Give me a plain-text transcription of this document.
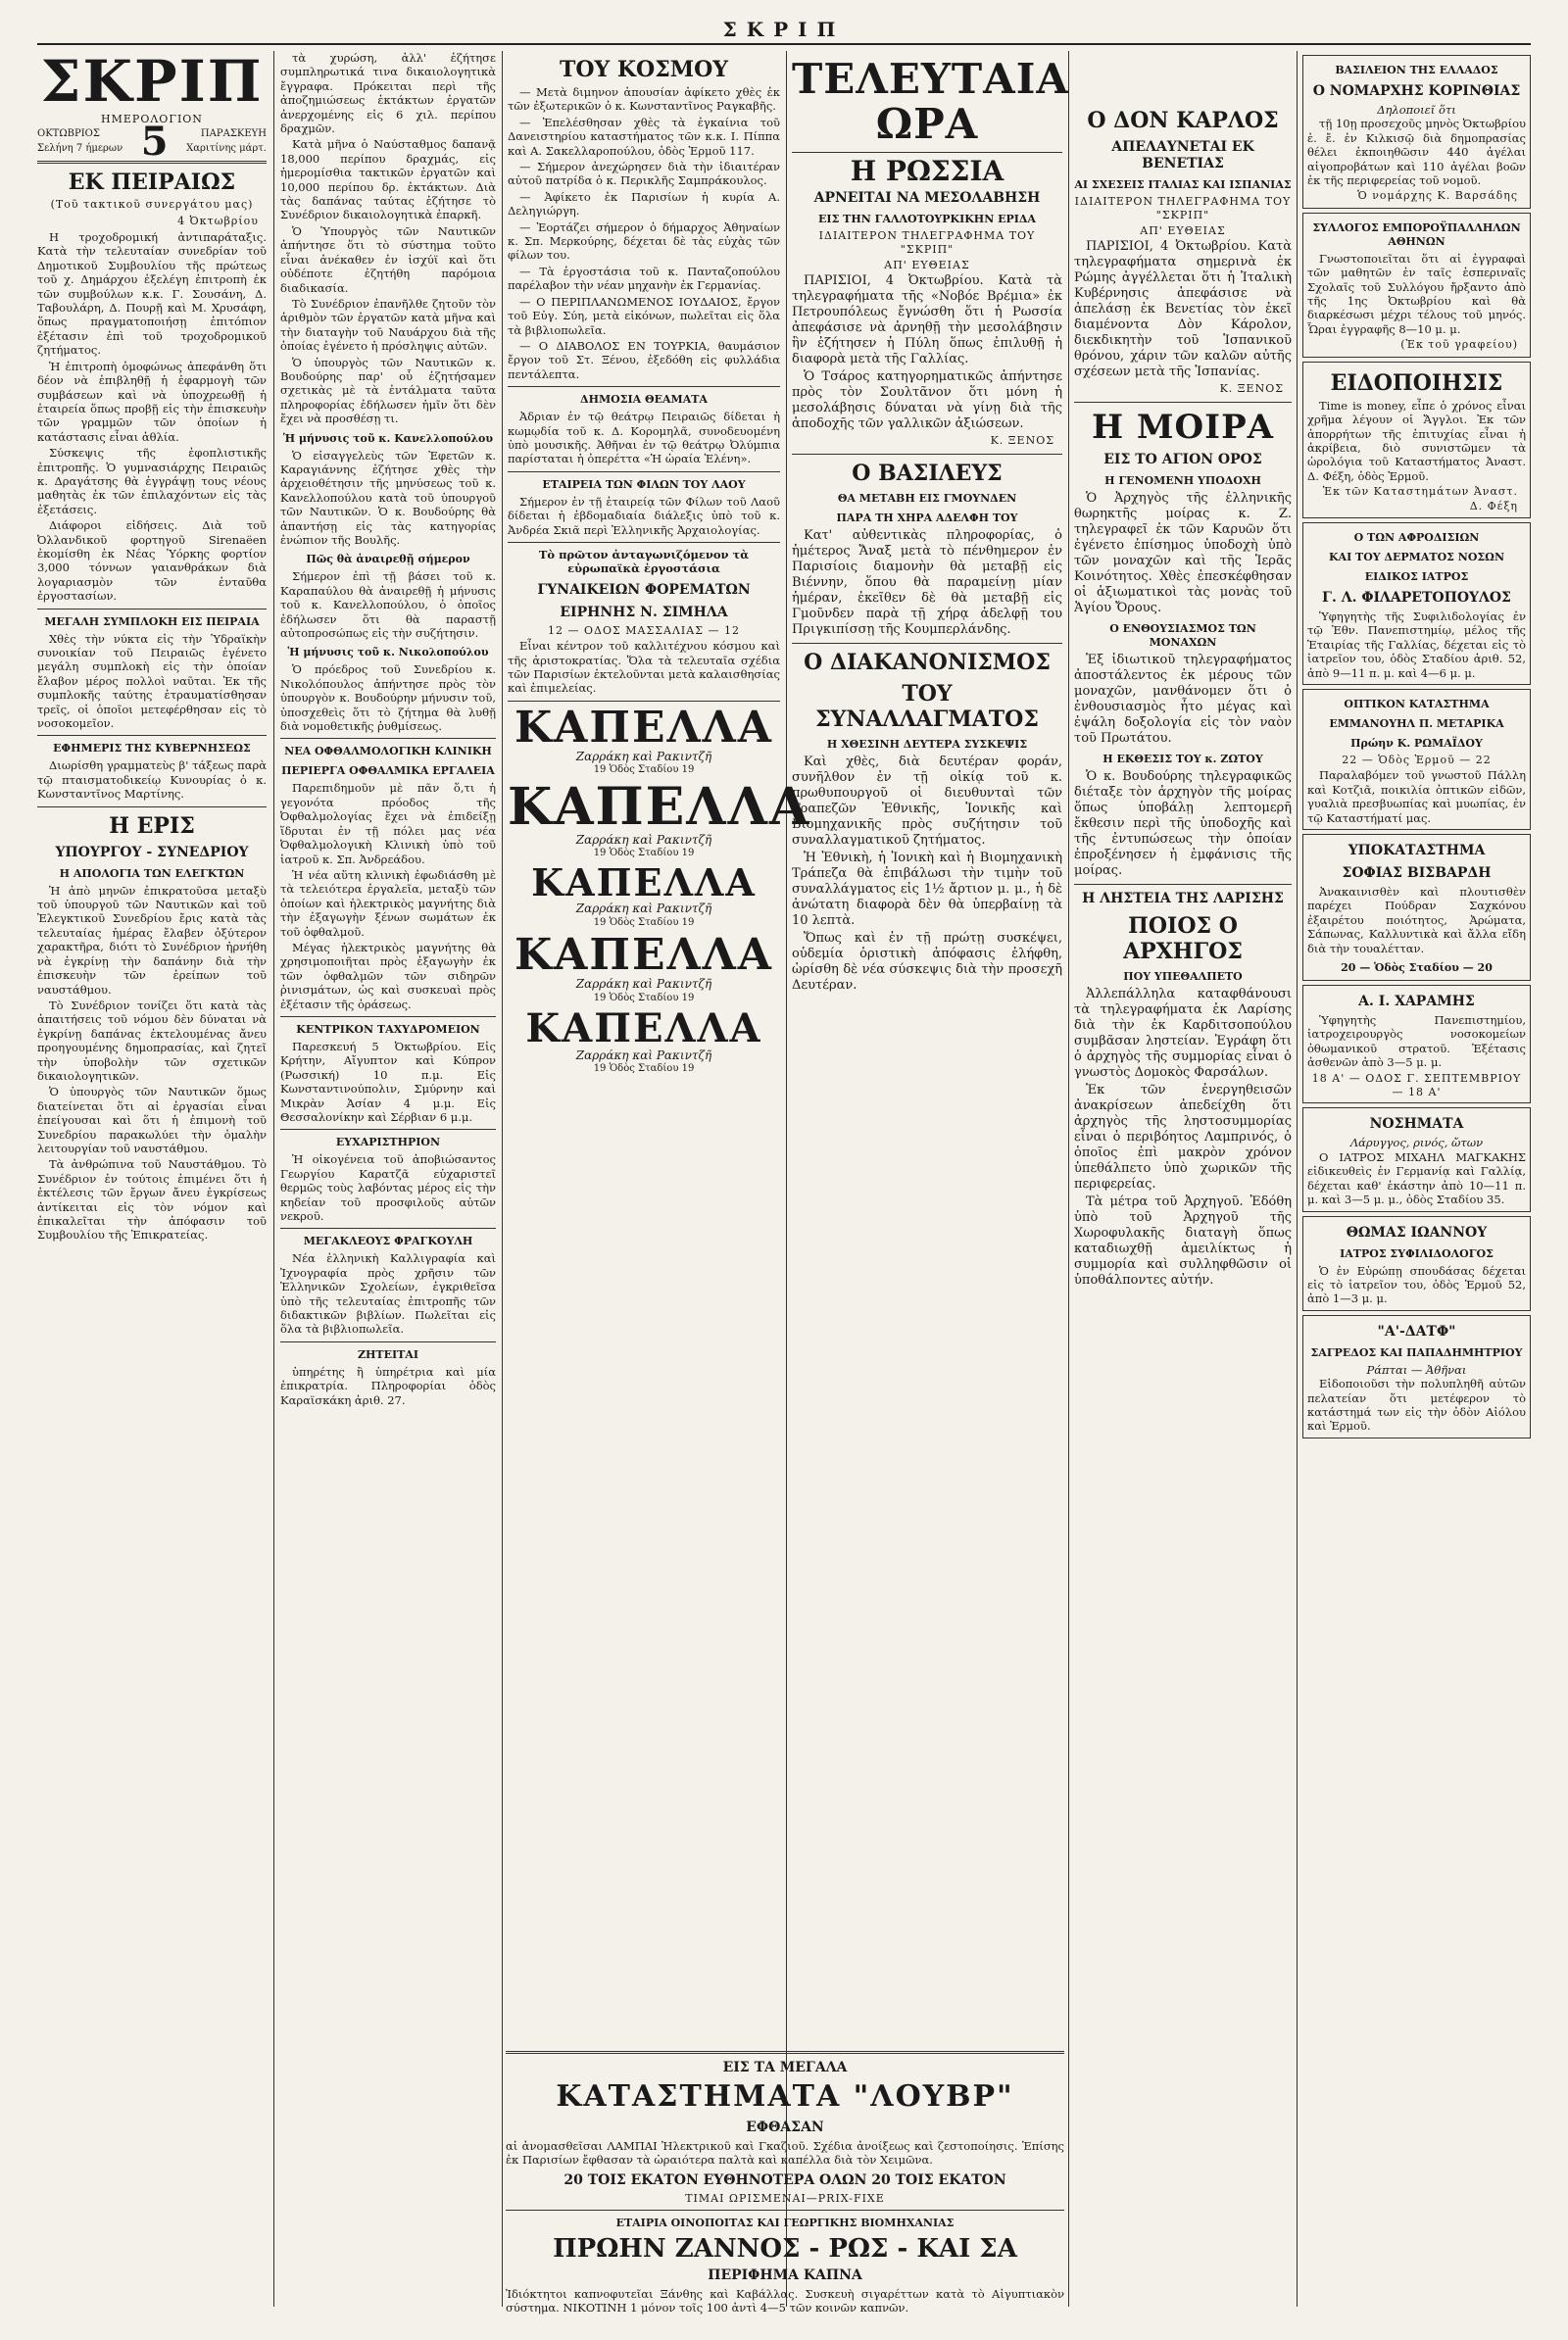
ΣΚΡΙΠ
ΣΚΡΙΠ
ΗΜΕΡΟΛΟΓΙΟΝ
ΟΚΤΩΒΡΙΟΣ
Σελήνη 7 ήμερων 5	ΠΑΡΑΣΚΕΥΗ
Χαριτίνης μάρτ.
ΕΚ ΠΕΙΡΑΙΩΣ
(Τοῦ τακτικοῦ συνεργάτου μας)
4 Ὀκτωβρίου

Η τροχοδρομική ἀντιπαράταξις. Κατὰ τὴν τελευταίαν συνεδρίαν τοῦ Δημοτικοῦ Συμβουλίου τῆς πρώτεως τοῦ χ. Δημάρχου ἐξελέγη ἐπιτροπὴ ἐκ τῶν συμβούλων κ.κ. Γ. Σουσάνη, Δ. Ταβουλάρη, Δ. Πουρῇ καὶ Μ. Χρυσάφη, ὅπως πραγματοποιήσῃ ἐπιτόπιον ἐξέτασιν ἐπὶ τοῦ τροχοδρομικοῦ ζητήματος.

Ἡ ἐπιτροπὴ ὁμοφώνως ἀπεφάνθη ὅτι δέον νὰ ἐπιβληθῇ ἡ ἐφαρμογὴ τῶν συμβάσεων καὶ νὰ ὑποχρεωθῇ ἡ ἑταιρεία ὅπως προβῇ εἰς τὴν ἐπισκευὴν τῶν γραμμῶν τῶν ὁποίων ἡ κατάστασις εἶναι ἀθλία.

Σύσκεψις τῆς ἐφοπλιστικῆς ἐπιτροπῆς. Ὁ γυμνασιάρχης Πειραιῶς κ. Δραγάτσης θὰ ἐγγράψῃ τους νέους μαθητὰς ἐκ τῶν ἐπιλαχόντων εἰς τὰς ἐξετάσεις.

Διάφοροι εἰδήσεις. Διὰ τοῦ Ὀλλανδικοῦ φορτηγοῦ Sirenaëen ἐκομίσθη ἐκ Νέας Ὑόρκης φορτίον 3,000 τόννων γαιανθράκων διὰ λογαριασμὸν τῶν ἐνταῦθα ἐργοστασίων.

ΜΕΓΑΛΗ ΣΥΜΠΛΟΚΗ ΕΙΣ ΠΕΙΡΑΙΑ

Χθὲς τὴν νύκτα εἰς τὴν Ὑδραϊκὴν συνοικίαν τοῦ Πειραιῶς ἐγένετο μεγάλη συμπλοκὴ εἰς τὴν ὁποίαν ἔλαβον μέρος πολλοὶ ναῦται. Ἐκ τῆς συμπλοκῆς ταύτης ἐτραυματίσθησαν τρεῖς, οἱ ὁποῖοι μετεφέρθησαν εἰς τὸ νοσοκομεῖον.

ΕΦΗΜΕΡΙΣ ΤΗΣ ΚΥΒΕΡΝΗΣΕΩΣ

Διωρίσθη γραμματεὺς β' τάξεως παρὰ τῷ πταισματοδικείῳ Κυνουρίας ὁ κ. Κωνσταντῖνος Μαρτίνης.

Η ΕΡΙΣ
ΥΠΟΥΡΓΟΥ - ΣΥΝΕΔΡΙΟΥ
Η ΑΠΟΛΟΓΙΑ ΤΩΝ ΕΛΕΓΚΤΩΝ

Ἡ ἀπὸ μηνῶν ἐπικρατοῦσα μεταξὺ τοῦ ὑπουργοῦ τῶν Ναυτικῶν καὶ τοῦ Ἐλεγκτικοῦ Συνεδρίου ἔρις κατὰ τὰς τελευταίας ἡμέρας ἔλαβεν ὀξύτερον χαρακτῆρα, διότι τὸ Συνέδριον ἠρνήθη νὰ ἐγκρίνῃ τὴν δαπάνην διὰ τὴν ἐπισκευὴν τῶν ἐρείπων τοῦ ναυστάθμου.

Τὸ Συνέδριον τονίζει ὅτι κατὰ τὰς ἀπαιτήσεις τοῦ νόμου δὲν δύναται νὰ ἐγκρίνῃ δαπάνας ἐκτελουμένας ἄνευ προηγουμένης δημοπρασίας, καὶ ζητεῖ τὴν ὑποβολὴν τῶν σχετικῶν δικαιολογητικῶν.

Ὁ ὑπουργὸς τῶν Ναυτικῶν ὅμως διατείνεται ὅτι αἱ ἐργασίαι εἶναι ἐπείγουσαι καὶ ὅτι ἡ ἐπιμονὴ τοῦ Συνεδρίου παρακωλύει τὴν ὁμαλὴν λειτουργίαν τοῦ ναυστάθμου.

Τὰ ἀνθρώπινα τοῦ Ναυστάθμου. Τὸ Συνέδριον ἐν τούτοις ἐπιμένει ὅτι ἡ ἐκτέλεσις τῶν ἔργων ἄνευ ἐγκρίσεως ἀντίκειται εἰς τὸν νόμον καὶ ἐπικαλεῖται τὴν ἀπόφασιν τοῦ Συμβουλίου τῆς Ἐπικρατείας.

τὰ χυρώση, ἀλλ' ἐζήτησε συμπληρωτικά τινα δικαιολογητικὰ ἔγγραφα. Πρόκειται περὶ τῆς ἀποζημιώσεως ἐκτάκτων ἐργατῶν ἀνερχομένης εἰς 6 χιλ. περίπου δραχμῶν.

Κατὰ μῆνα ὁ Ναύσταθμος δαπανᾷ 18,000 περίπου δραχμάς, εἰς ἡμερομίσθια τακτικῶν ἐργατῶν καὶ 10,000 περίπου δρ. ἐκτάκτων. Διὰ τὰς δαπάνας ταύτας ἐζήτησε τὸ Συνέδριον δικαιολογητικὰ ἐπαρκῆ.

Ὁ Ὑπουργὸς τῶν Ναυτικῶν ἀπήντησε ὅτι τὸ σύστημα τοῦτο εἶναι ἀνέκαθεν ἐν ἰσχύϊ καὶ ὅτι οὐδέποτε ἐζητήθη παρόμοια διαδικασία.

Τὸ Συνέδριον ἐπανῆλθε ζητοῦν τὸν ἀριθμὸν τῶν ἐργατῶν κατὰ μῆνα καὶ τὴν διαταγὴν τοῦ Ναυάρχου διὰ τῆς ὁποίας ἐγένετο ἡ πρόσληψις αὐτῶν.

Ὁ ὑπουργὸς τῶν Ναυτικῶν κ. Βουδούρης παρ' οὗ ἐζητήσαμεν σχετικὰς μὲ τὰ ἐντάλματα ταῦτα πληροφορίας ἐδήλωσεν ἡμῖν ὅτι δὲν ἔχει νὰ προσθέσῃ τι.

Ἡ μήνυσις τοῦ κ. Κανελλοπούλου

Ὁ εἰσαγγελεὺς τῶν Ἐφετῶν κ. Καραγιάννης ἐζήτησε χθὲς τὴν ἀρχειοθέτησιν τῆς μηνύσεως τοῦ κ. Κανελλοπούλου κατὰ τοῦ ὑπουργοῦ τῶν Ναυτικῶν. Ὁ κ. Βουδούρης θὰ ἀπαντήσῃ εἰς τὰς κατηγορίας ἐνώπιον τῆς Βουλῆς.

Πῶς θὰ ἀναιρεθῇ σήμερον

Σήμερον ἐπὶ τῇ βάσει τοῦ κ. Καραπαύλου θὰ ἀναιρεθῇ ἡ μήνυσις τοῦ κ. Κανελλοπούλου, ὁ ὁποῖος ἐδήλωσεν ὅτι θὰ παραστῇ αὐτοπροσώπως εἰς τὴν συζήτησιν.

Ἡ μήνυσις τοῦ κ. Νικολοπούλου

Ὁ πρόεδρος τοῦ Συνεδρίου κ. Νικολόπουλος ἀπήντησε πρὸς τὸν ὑπουργὸν κ. Βουδούρην μήνυσιν τοῦ, ὑποσχεθεὶς ὅτι τὸ ζήτημα θὰ λυθῇ διὰ νομοθετικῆς ῥυθμίσεως.

ΝΕΑ ΟΦΘΑΛΜΟΛΟΓΙΚΗ ΚΛΙΝΙΚΗ
ΠΕΡΙΕΡΓΑ ΟΦΘΑΛΜΙΚΑ ΕΡΓΑΛΕΙΑ

Παρεπιδημοῦν μὲ πᾶν ὅ,τι ἡ γεγονότα πρόοδος τῆς Ὀφθαλμολογίας ἔχει νὰ ἐπιδείξῃ ἵδρυται ἐν τῇ πόλει μας νέα Ὀφθαλμολογικὴ Κλινικὴ ὑπὸ τοῦ ἰατροῦ κ. Σπ. Ἀνδρεάδου.

Ἡ νέα αὕτη κλινικὴ ἐφωδιάσθη μὲ τὰ τελειότερα ἐργαλεῖα, μεταξὺ τῶν ὁποίων καὶ ἠλεκτρικὸς μαγνήτης διὰ τὴν ἐξαγωγὴν ξένων σωμάτων ἐκ τοῦ ὀφθαλμοῦ.

Μέγας ἠλεκτρικὸς μαγνήτης θὰ χρησιμοποιῆται πρὸς ἐξαγωγὴν ἐκ τῶν ὀφθαλμῶν τῶν σιδηρῶν ῥινισμάτων, ὡς καὶ συσκευαὶ πρὸς ἐξέτασιν τῆς ὁράσεως.

ΚΕΝΤΡΙΚΟΝ ΤΑΧΥΔΡΟΜΕΙΟΝ

Παρεσκευή 5 Ὀκτωβρίου. Εἰς Κρήτην, Αἴγυπτον καὶ Κύπρον (Ρωσσική) 10 π.μ. Εἰς Κωνσταντινούπολιν, Σμύρνην καὶ Μικρὰν Ἀσίαν 4 μ.μ. Εἰς Θεσσαλονίκην καὶ Σέρβιαν 6 μ.μ.

ΕΥΧΑΡΙΣΤΗΡΙΟΝ

Ἡ οἰκογένεια τοῦ ἀποβιώσαντος Γεωργίου Καρατζᾶ εὐχαριστεῖ θερμῶς τοὺς λαβόντας μέρος εἰς τὴν κηδείαν τοῦ προσφιλοῦς αὐτῶν νεκροῦ.

ΜΕΓΑΚΛΕΟΥΣ ΦΡΑΓΚΟΥΛΗ

Νέα ἑλληνικὴ Καλλιγραφία καὶ Ἰχνογραφία πρὸς χρῆσιν τῶν Ἑλληνικῶν Σχολείων, ἐγκριθεῖσα ὑπὸ τῆς τελευταίας ἐπιτροπῆς τῶν διδακτικῶν βιβλίων. Πωλεῖται εἰς ὅλα τὰ βιβλιοπωλεῖα.

ΖΗΤΕΙΤΑΙ

ὑπηρέτης ἢ ὑπηρέτρια καὶ μία ἐπικρατρία. Πληροφορίαι ὁδὸς Καραϊσκάκη ἀριθ. 27.

ΤΟΥ ΚΟΣΜΟΥ

— Μετὰ διμηνον ἀπουσίαν ἀφίκετο χθὲς ἐκ τῶν ἐξωτερικῶν ὁ κ. Κωνσταντῖνος Ραγκαβῆς.

— Ἐπελέσθησαν χθὲς τὰ ἐγκαίνια τοῦ Δανειστηρίου καταστήματος τῶν κ.κ. Ι. Πίππα καὶ Α. Σακελλαροπούλου, ὁδὸς Ἑρμοῦ 117.

— Σήμερον ἀνεχώρησεν διὰ τὴν ἰδιαιτέραν αὐτοῦ πατρίδα ὁ κ. Περικλῆς Σαμπράκουλος.

— Ἀφίκετο ἐκ Παρισίων ἡ κυρία Α. Δεληγιώργη.

— Ἐορτάζει σήμερον ὁ δήμαρχος Ἀθηναίων κ. Σπ. Μερκούρης, δέχεται δὲ τὰς εὐχὰς τῶν φίλων του.

— Τὰ ἐργοστάσια τοῦ κ. Πανταζοπούλου παρέλαβον τὴν νέαν μηχανὴν ἐκ Γερμανίας.

— Ο ΠΕΡΙΠΛΑΝΩΜΕΝΟΣ ΙΟΥΔΑΙΟΣ, ἔργον τοῦ Εὐγ. Σύη, μετὰ εἰκόνων, πωλεῖται εἰς ὅλα τὰ βιβλιοπωλεῖα.

— Ο ΔΙΑΒΟΛΟΣ ΕΝ ΤΟΥΡΚΙΑ, θαυμάσιον ἔργον τοῦ Στ. Ξένου, ἐξεδόθη εἰς φυλλάδια πεντάλεπτα.

ΔΗΜΟΣΙΑ ΘΕΑΜΑΤΑ

Ἀδριαν ἐν τῷ θεάτρῳ Πειραιῶς δίδεται ἡ κωμῳδία τοῦ κ. Δ. Κορομηλᾶ, συνοδευομένη ὑπὸ μουσικῆς. Ἀθῆναι ἐν τῷ θεάτρῳ Ὀλύμπια παρίσταται ἡ ὀπερέττα «Ἡ ὡραία Ἑλένη».

ΕΤΑΙΡΕΙΑ ΤΩΝ ΦΙΛΩΝ ΤΟΥ ΛΑΟΥ

Σήμερον ἐν τῇ ἑταιρείᾳ τῶν Φίλων τοῦ Λαοῦ δίδεται ἡ ἑβδομαδιαία διάλεξις ὑπὸ τοῦ κ. Ἀνδρέα Σκιᾶ περὶ Ἑλληνικῆς Ἀρχαιολογίας.

Τὸ πρῶτον ἀνταγωνιζόμενον τὰ εὐρωπαϊκὰ ἐργοστάσια
ΓΥΝΑΙΚΕΙΩΝ ΦΟΡΕΜΑΤΩΝ
ΕΙΡΗΝΗΣ Ν. ΣΙΜΗΛΑ
12 — ΟΔΟΣ ΜΑΣΣΑΛΙΑΣ — 12

Εἶναι κέντρον τοῦ καλλιτέχνου κόσμου καὶ τῆς ἀριστοκρατίας. Ὅλα τὰ τελευταῖα σχέδια τῶν Παρισίων ἐκτελοῦνται μετὰ καλαισθησίας καὶ ἐπιμελείας.

ΚΑΠΕΛΛΑ
Ζαρράκη καὶ Ρακιντζῆ
19 Ὁδὸς Σταδίου 19
ΚΑΠΕΛΛΑ
Ζαρράκη καὶ Ρακιντζῆ
19 Ὁδὸς Σταδίου 19
ΚΑΠΕΛΛΑ
Ζαρράκη καὶ Ρακιντζῆ
19 Ὁδὸς Σταδίου 19
ΚΑΠΕΛΛΑ
Ζαρράκη καὶ Ρακιντζῆ
19 Ὁδὸς Σταδίου 19
ΚΑΠΕΛΛΑ
Ζαρράκη καὶ Ρακιντζῆ
19 Ὁδὸς Σταδίου 19
ΤΕΛΕΥΤΑΙΑ ΩΡΑ
Η ΡΩΣΣΙΑ
ΑΡΝΕΙΤΑΙ ΝΑ ΜΕΣΟΛΑΒΗΣΗ
ΕΙΣ ΤΗΝ ΓΑΛΛΟΤΟΥΡΚΙΚΗΝ ΕΡΙΔΑ
ΙΔΙΑΙΤΕΡΟΝ ΤΗΛΕΓΡΑΦΗΜΑ ΤΟΥ "ΣΚΡΙΠ"
ΑΠ' ΕΥΘΕΙΑΣ

ΠΑΡΙΣΙΟΙ, 4 Ὀκτωβρίου. Κατὰ τὰ τηλεγραφήματα τῆς «Νοβόε Βρέμια» ἐκ Πετρουπόλεως ἔγνώσθη ὅτι ἡ Ρωσσία ἀπεφάσισε νὰ ἀρνηθῇ τὴν μεσολάβησιν ἣν ἐζήτησεν ἡ Πύλη ὅπως ἐπιλυθῇ ἡ διαφορὰ μετὰ τῆς Γαλλίας.

Ὁ Τσάρος κατηγορηματικῶς ἀπήντησε πρὸς τὸν Σουλτᾶνον ὅτι μόνη ἡ μεσολάβησις δύναται νὰ γίνῃ διὰ τῆς ἀποδοχῆς τῶν γαλλικῶν ἀξιώσεων.

Κ. ΞΕΝΟΣ
Ο ΒΑΣΙΛΕΥΣ
ΘΑ ΜΕΤΑΒΗ ΕΙΣ ΓΜΟΥΝΔΕΝ
ΠΑΡΑ ΤΗ ΧΗΡΑ ΑΔΕΛΦΗ ΤΟΥ

Κατ' αὐθεντικὰς πληροφορίας, ὁ ἡμέτερος Ἄναξ μετὰ τὸ πένθημερον ἐν Παρισίοις διαμονὴν θὰ μεταβῇ εἰς Βιέννην, ὅπου θὰ παραμείνῃ μίαν ἡμέραν, ἐκεῖθεν δὲ θὰ μεταβῇ εἰς Γμοῦνδεν παρὰ τῇ χήρᾳ ἀδελφῇ του Πριγκιπίσσῃ τῆς Κουμπερλάνδης.

Ο ΔΙΑΚΑΝΟΝΙΣΜΟΣ
ΤΟΥ ΣΥΝΑΛΛΑΓΜΑΤΟΣ
Η ΧΘΕΣΙΝΗ ΔΕΥΤΕΡΑ ΣΥΣΚΕΨΙΣ

Καὶ χθὲς, διὰ δευτέραν φοράν, συνῆλθον ἐν τῇ οἰκίᾳ τοῦ κ. πρωθυπουργοῦ οἱ διευθυνταὶ τῶν Τραπεζῶν Ἐθνικῆς, Ἰονικῆς καὶ Βιομηχανικῆς πρὸς συζήτησιν τοῦ συναλλαγματικοῦ ζητήματος.

Ἡ Ἐθνικὴ, ἡ Ἰονικὴ καὶ ἡ Βιομηχανικὴ Τράπεζα θὰ ἐπιβάλωσι τὴν τιμὴν τοῦ συναλλάγματος εἰς 1½ ἄρτιον μ. μ., ἡ δὲ ἀνώτατη διαφορὰ δὲν θὰ ὑπερβαίνῃ τὰ 10 λεπτὰ.

Ὅπως καὶ ἐν τῇ πρώτῃ συσκέψει, οὐδεμία ὁριστικὴ ἀπόφασις ἐλήφθη, ὡρίσθη δὲ νέα σύσκεψις διὰ τὴν προσεχῆ Δευτέραν.

Ο ΔΟΝ ΚΑΡΛΟΣ
ΑΠΕΛΑΥΝΕΤΑΙ ΕΚ ΒΕΝΕΤΙΑΣ
ΑΙ ΣΧΕΣΕΙΣ ΙΤΑΛΙΑΣ ΚΑΙ ΙΣΠΑΝΙΑΣ
ΙΔΙΑΙΤΕΡΟΝ ΤΗΛΕΓΡΑΦΗΜΑ ΤΟΥ "ΣΚΡΙΠ"
ΑΠ' ΕΥΘΕΙΑΣ

ΠΑΡΙΣΙΟΙ, 4 Ὀκτωβρίου. Κατὰ τηλεγραφήματα σημερινὰ ἐκ Ρώμης ἀγγέλλεται ὅτι ἡ Ἰταλικὴ Κυβέρνησις ἀπεφάσισε νὰ ἀπελάσῃ ἐκ Βενετίας τὸν ἐκεῖ διαμένοντα Δὸν Κάρολον, διεκδικητὴν τοῦ Ἰσπανικοῦ θρόνου, χάριν τῶν καλῶν αὐτῆς σχέσεων μετὰ τῆς Ἰσπανίας.

Κ. ΞΕΝΟΣ
Η ΜΟΙΡΑ
ΕΙΣ ΤΟ ΑΓΙΟΝ ΟΡΟΣ
Η ΓΕΝΟΜΕΝΗ ΥΠΟΔΟΧΗ

Ὁ Ἀρχηγὸς τῆς ἑλληνικῆς θωρηκτῆς μοίρας κ. Ζ. τηλεγραφεῖ ἐκ τῶν Καρυῶν ὅτι ἐγένετο ἐπίσημος ὑποδοχὴ ὑπὸ τῶν μοναχῶν καὶ τῆς Ἱερᾶς Κοινότητος. Χθὲς ἐπεσκέφθησαν οἱ ἀξιωματικοὶ τὰς μονὰς τοῦ Ἁγίου Ὄρους.

Ο ΕΝΘΟΥΣΙΑΣΜΟΣ ΤΩΝ ΜΟΝΑΧΩΝ

Ἐξ ἰδιωτικοῦ τηλεγραφήματος ἀποστάλεντος ἐκ μέρους τῶν μοναχῶν, μανθάνομεν ὅτι ὁ ἐνθουσιασμὸς ἦτο μέγας καὶ ἐψάλη δοξολογία εἰς τὸν ναὸν τοῦ Πρωτάτου.

Η ΕΚΘΕΣΙΣ ΤΟΥ κ. ΖΩΤΟΥ

Ὁ κ. Βουδούρης τηλεγραφικῶς διέταξε τὸν ἀρχηγὸν τῆς μοίρας ὅπως ὑποβάλῃ λεπτομερῆ ἔκθεσιν περὶ τῆς ὑποδοχῆς καὶ τῆς ἐντυπώσεως τὴν ὁποίαν ἐπροξένησεν ἡ ἐμφάνισις τῆς μοίρας.

Η ΛΗΣΤΕΙΑ ΤΗΣ ΛΑΡΙΣΗΣ
ΠΟΙΟΣ Ο ΑΡΧΗΓΟΣ
ΠΟΥ ΥΠΕΘΑΛΠΕΤΟ

Ἀλλεπάλληλα καταφθάνουσι τὰ τηλεγραφήματα ἐκ Λαρίσης διὰ τὴν ἐκ Καρδιτσοπούλου συμβᾶσαν ληστείαν. Ἐγράφη ὅτι ὁ ἀρχηγὸς τῆς συμμορίας εἶναι ὁ γνωστὸς Δομοκὸς Φαρσάλων.

Ἐκ τῶν ἐνεργηθεισῶν ἀνακρίσεων ἀπεδείχθη ὅτι ἀρχηγὸς τῆς ληστοσυμμορίας εἶναι ὁ περιβόητος Λαμπρινός, ὁ ὁποῖος ἐπὶ μακρὸν χρόνον ὑπεθάλπετο ὑπὸ χωρικῶν τῆς περιφερείας.

Τὰ μέτρα τοῦ Ἀρχηγοῦ. Ἐδόθη ὑπὸ τοῦ Ἀρχηγοῦ τῆς Χωροφυλακῆς διαταγὴ ὅπως καταδιωχθῇ ἀμειλίκτως ἡ συμμορία καὶ συλληφθῶσιν οἱ ὑποθάλποντες αὐτήν.

ΒΑΣΙΛΕΙΟΝ ΤΗΣ ΕΛΛΑΔΟΣ
Ο ΝΟΜΑΡΧΗΣ ΚΟΡΙΝΘΙΑΣ
Δηλοποιεῖ ὅτι

τῇ 10ῃ προσεχοῦς μηνὸς Ὀκτωβρίου ἐ. ἔ. ἐν Κιλκισῷ διὰ δημοπρασίας θέλει ἐκποιηθῶσιν 440 ἀγέλαι αἰγοπροβάτων καὶ 110 ἀγέλαι βοῶν ἐκ τῆς περιφερείας τοῦ νομοῦ.

Ὁ νομάρχης Κ. Βαρσάδης
ΣΥΛΛΟΓΟΣ ΕΜΠΟΡΟΫΠΑΛΛΗΛΩΝ ΑΘΗΝΩΝ

Γνωστοποιεῖται ὅτι αἱ ἐγγραφαὶ τῶν μαθητῶν ἐν ταῖς ἑσπεριναῖς Σχολαῖς τοῦ Συλλόγου ἤρξαντο ἀπὸ τῆς 1ης Ὀκτωβρίου καὶ θὰ διαρκέσωσι μέχρι τέλους τοῦ μηνός. Ὧραι ἐγγραφῆς 8—10 μ. μ.

(Ἐκ τοῦ γραφείου)
ΕΙΔΟΠΟΙΗΣΙΣ

Time is money, εἶπε ὁ χρόνος εἶναι χρῆμα λέγουν οἱ Ἄγγλοι. Ἐκ τῶν ἀπορρήτων τῆς ἐπιτυχίας εἶναι ἡ ἀκρίβεια, διὸ συνιστῶμεν τὰ ὡρολόγια τοῦ Καταστήματος Ἀναστ. Δ. Φέξη, ὁδὸς Ἑρμοῦ.

Ἐκ τῶν Καταστημάτων Ἀναστ. Δ. Φέξη
Ο ΤΩΝ ΑΦΡΟΔΙΣΙΩΝ
ΚΑΙ ΤΟΥ ΔΕΡΜΑΤΟΣ ΝΟΣΩΝ
ΕΙΔΙΚΟΣ ΙΑΤΡΟΣ
Γ. Λ. ΦΙΛΑΡΕΤΟΠΟΥΛΟΣ

Ὑφηγητὴς τῆς Συφιλιδολογίας ἐν τῷ Ἐθν. Πανεπιστημίῳ, μέλος τῆς Ἑταιρίας τῆς Γαλλίας, δέχεται εἰς τὸ ἰατρεῖον του, ὁδὸς Σταδίου ἀριθ. 52, ἀπὸ 9—11 π. μ. καὶ 4—6 μ. μ.

ΟΠΤΙΚΟΝ ΚΑΤΑΣΤΗΜΑ
ΕΜΜΑΝΟΥΗΛ Π. ΜΕΤΑΡΙΚΑ
Πρώην Κ. ΡΩΜΑΪΔΟΥ
22 — Ὁδὸς Ἑρμοῦ — 22

Παραλαβόμεν τοῦ γνωστοῦ Πάλλη καὶ Κοτζιᾶ, ποικιλία ὀπτικῶν εἰδῶν, γυαλιὰ πρεσβυωπίας καὶ μυωπίας, ἐν τῷ Καταστήματί μας.

ΥΠΟΚΑΤΑΣΤΗΜΑ
ΣΟΦΙΑΣ ΒΙΣΒΑΡΔΗ

Ἀνακαινισθὲν καὶ πλουτισθὲν παρέχει Πούδραν Σαχκόνου ἐξαιρέτου ποιότητος, Ἀρώματα, Σάπωνας, Καλλυντικὰ καὶ ἄλλα εἴδη διὰ τὴν τουαλέτταν.

20 — Ὁδὸς Σταδίου — 20
Α. Ι. ΧΑΡΑΜΗΣ

Ὑφηγητὴς Πανεπιστημίου, ἰατροχειρουργὸς νοσοκομείων ὀθωμανικοῦ στρατοῦ. Ἐξέτασις ἀσθενῶν ἀπὸ 3—5 μ. μ.

18 Α' — ΟΔΟΣ Γ. ΣΕΠΤΕΜΒΡΙΟΥ — 18 Α'
ΝΟΣΗΜΑΤΑ
Λάρυγγος, ρινός, ὤτων

Ο ΙΑΤΡΟΣ ΜΙΧΑΗΛ ΜΑΓΚΑΚΗΣ εἰδικευθεὶς ἐν Γερμανίᾳ καὶ Γαλλίᾳ, δέχεται καθ' ἑκάστην ἀπὸ 10—11 π. μ. καὶ 3—5 μ. μ., ὁδὸς Σταδίου 35.

ΘΩΜΑΣ ΙΩΑΝΝΟΥ
ΙΑΤΡΟΣ ΣΥΦΙΛΙΔΟΛΟΓΟΣ

Ὁ ἐν Εὐρώπῃ σπουδάσας δέχεται εἰς τὸ ἰατρεῖον του, ὁδὸς Ἑρμοῦ 52, ἀπὸ 1—3 μ. μ.

"Α'-ΔΑΤΦ"
ΣΑΓΡΕΔΟΣ ΚΑΙ ΠΑΠΑΔΗΜΗΤΡΙΟΥ
Ράπται — Ἀθῆναι

Εἰδοποιοῦσι τὴν πολυπληθῆ αὐτῶν πελατείαν ὅτι μετέφερον τὸ κατάστημά των εἰς τὴν ὁδὸν Αἰόλου καὶ Ἑρμοῦ.

ΕΙΣ ΤΑ ΜΕΓΑΛΑ
ΚΑΤΑΣΤΗΜΑΤΑ "ΛΟΥΒΡ"
ΕΦΘΑΣΑΝ

αἱ ἀνομασθεῖσαι ΛΑΜΠΑΙ Ἠλεκτρικοῦ καὶ Γκαζιοῦ. Σχέδια ἀνοίξεως καὶ ζεστοποίησις. Ἐπίσης ἐκ Παρισίων ἔφθασαν τὰ ὡραιότερα παλτὰ καὶ καπέλλα διὰ τὸν Χειμῶνα.

20 ΤΟΙΣ ΕΚΑΤΟΝ ΕΥΘΗΝΟΤΕΡΑ ΟΛΩΝ 20 ΤΟΙΣ ΕΚΑΤΟΝ
ΤΙΜΑΙ ΩΡΙΣΜΕΝΑΙ—PRIX-FIXE
ΕΤΑΙΡΙΑ ΟΙΝΟΠΟΙΤΑΣ ΚΑΙ ΓΕΩΡΓΙΚΗΣ ΒΙΟΜΗΧΑΝΙΑΣ
ΠΡΩΗΝ ΖΑΝΝΟΣ - ΡΩΣ - ΚΑΙ ΣΑ
ΠΕΡΙΦΗΜΑ ΚΑΠΝΑ

Ἰδιόκτητοι καπνοφυτεῖαι Ξάνθης καὶ Καβάλλας. Συσκευὴ σιγαρέττων κατὰ τὸ Αἰγυπτιακὸν σύστημα. ΝΙΚΟΤΙΝΗ 1 μόνον τοῖς 100 ἀντὶ 4—5 τῶν κοινῶν καπνῶν.
